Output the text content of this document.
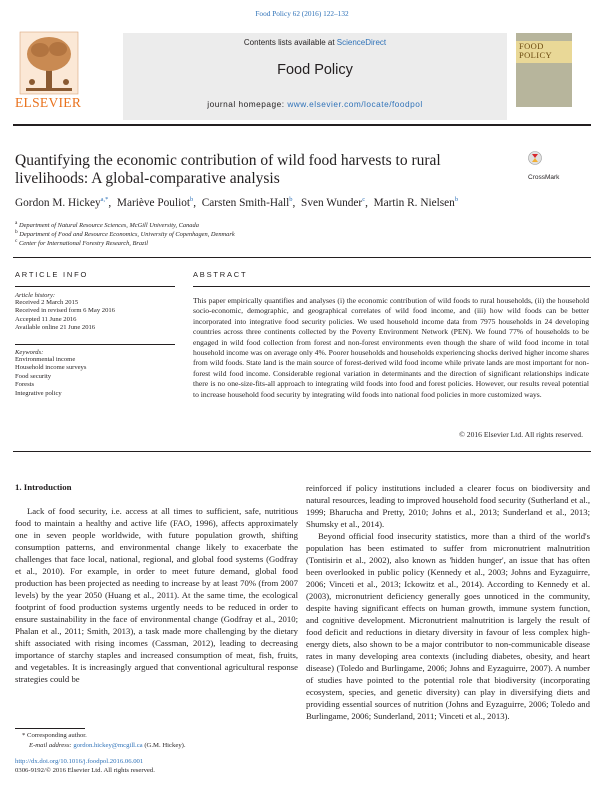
Food Policy 62 (2016) 122–132
ELSEVIER
Contents lists available at ScienceDirect
Food Policy
journal homepage: www.elsevier.com/locate/foodpol
FOOD
POLICY
Quantifying the economic contribution of wild food harvests to rural livelihoods: A global-comparative analysis	CrossMark
Gordon M. Hickey$^{a,*}$,  Mariève Pouliot$^b$,  Carsten Smith-Hall$^b$,  Sven Wunder$^c$,  Martin R. Nielsen$^b$
$^a$ Department of Natural Resource Sciences, McGill University, Canada
$^b$ Department of Food and Resource Economics, University of Copenhagen, Denmark
$^c$ Center for International Forestry Research, Brazil
ARTICLE INFO
Article history:
Received 2 March 2015
Received in revised form 6 May 2016
Accepted 11 June 2016
Available online 21 June 2016
Keywords:
Environmental income
Household income surveys
Food security
Forests
Integrative policy
ABSTRACT
This paper empirically quantifies and analyses (i) the economic contribution of wild foods to rural households, (ii) the household socio-economic, demographic, and geographical correlates of wild food income, and (iii) how wild foods can be better incorporated into integrative food security policies. We used household income data from 7975 households in 24 developing countries across three continents collected by the Poverty Environment Network (PEN). We found 77% of households to be engaged in wild food collection from forest and non-forest environments even though the share of wild food income in total household income was on average only 4%. Poorer households and households experiencing shocks derived higher income shares from wild foods. State land is the main source of forest-derived wild food income while private lands are most important for non-forest wild food income. Considerable regional variation in determinants and the direction of significant relationships indicate there is no one-size-fits-all approach to integrating wild foods into food and forest policies. However, our results reveal potential to increase household food security by integrating wild foods into national food policies in more customized ways.
© 2016 Elsevier Ltd. All rights reserved.
1. Introduction

Lack of food security, i.e. access at all times to sufficient, safe, nutritious food to maintain a healthy and active life (FAO, 1996), affects approximately one in seven people worldwide, with future population growth, shifting consumption patterns, and environmental change likely to exacerbate the challenges that face local, national, regional, and global food systems (Godfray et al., 2010). For example, in order to meet future demand, global food production has been projected as needing to increase by at least 70% (from 2007 levels) by the year 2050 (Huang et al., 2011). At the same time, the ecological footprint of food production systems urgently needs to be reduced in order to ensure sustainability in the face of environmental change (Godfray et al., 2010; Phalan et al., 2011; Smith, 2013), a task made more challenging by the dietary shift associated with rising incomes (Cassman, 2012), leading to decreasing importance of starchy staples and increased consumption of meat, fish, fruits, and vegetables. It is increasingly argued that conventional agricultural response strategies could be

reinforced if policy institutions included a clearer focus on biodiversity and natural resources, leading to improved household food security (Sutherland et al., 1999; Bharucha and Pretty, 2010; Johns et al., 2013; Sunderland et al., 2013; Shumsky et al., 2014).

Beyond official food insecurity statistics, more than a third of the world's population has been estimated to suffer from micronutrient malnutrition (Tontisirin et al., 2002), also known as 'hidden hunger', an issue that has often been overlooked in public policy (Kennedy et al., 2003; Johns and Eyzaguirre, 2006; Vinceti et al., 2013; Ickowitz et al., 2014). According to Kennedy et al. (2003), micronutrient deficiency generally goes unnoticed in the community, despite having significant effects on human growth, immune system function, and cognitive development. Micronutrient malnutrition is largely the result of food deficit and reductions in dietary diversity in favour of less complex high-energy diets, also shown to be a major contributor to non-communicable disease rates in many developing area contexts (including diabetes, obesity, and heart disease) (Toledo and Burlingame, 2006; Johns and Eyzaguirre, 2007). A number of studies have pointed to the potential role that biodiversity (incorporating ecosystem, species, and genetic diversity) can play in diversifying diets and providing essential sources of nutrition (Johns and Eyzaguirre, 2006; Toledo and Burlingame, 2006; Sunderland, 2011; Vinceti et al., 2013).

* Corresponding author.
E-mail address: gordon.hickey@mcgill.ca (G.M. Hickey).
http://dx.doi.org/10.1016/j.foodpol.2016.06.001
0306-9192/© 2016 Elsevier Ltd. All rights reserved.
